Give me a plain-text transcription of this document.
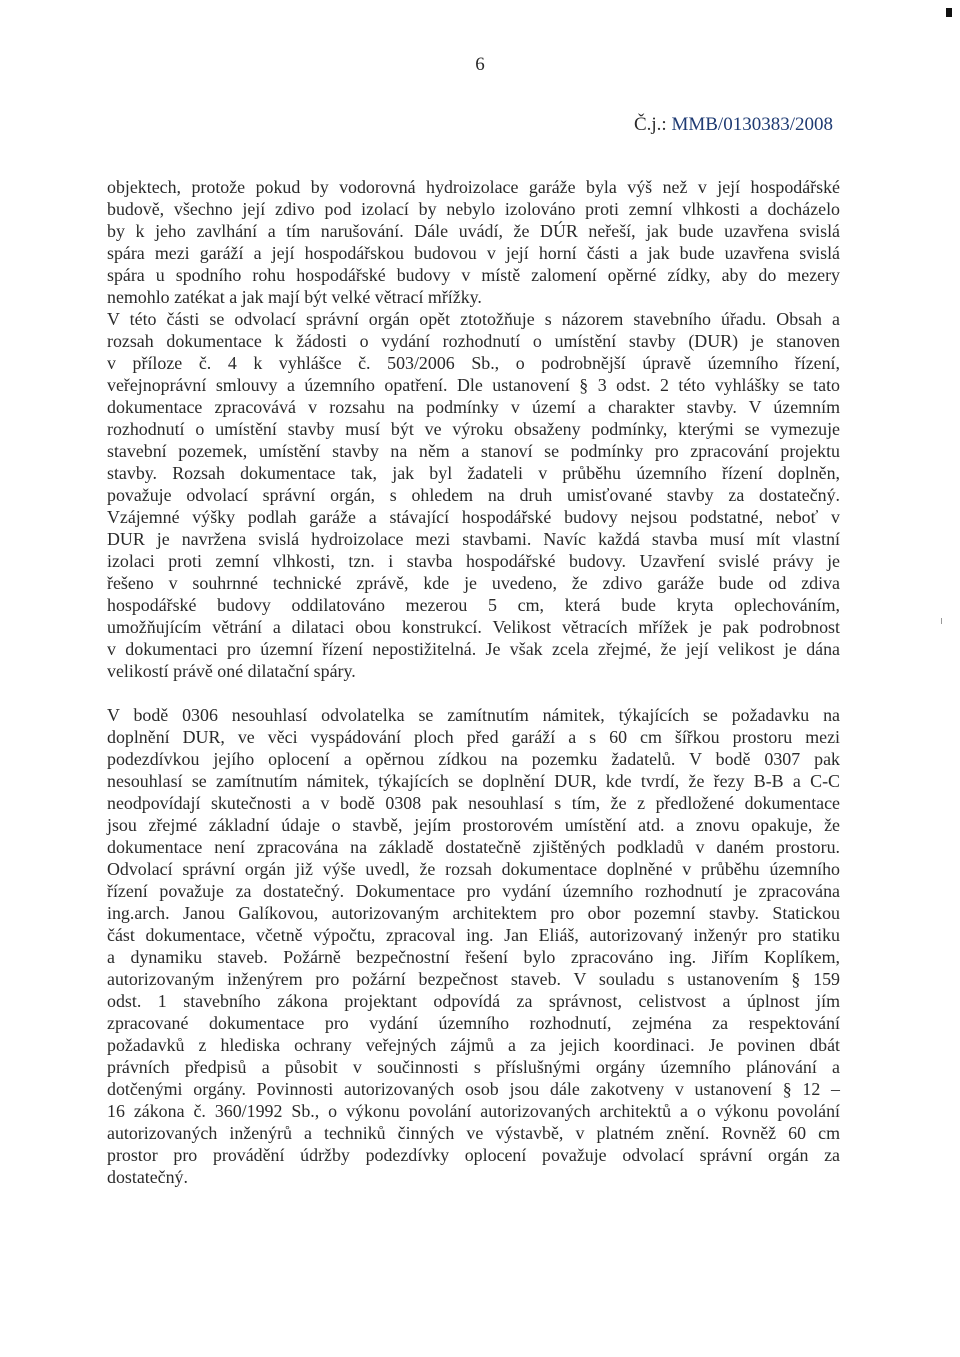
6
Č.j.: MMB/0130383/2008
objektech, protože pokud by vodorovná hydroizolace garáže byla výš než v její hospodářské
budově, všechno její zdivo pod izolací by nebylo izolováno proti zemní vlhkosti a docházelo
by k jeho zavlhání a tím narušování. Dále uvádí, že DÚR neřeší, jak bude uzavřena svislá
spára mezi garáží a její hospodářskou budovou v její horní části a jak bude uzavřena svislá
spára u spodního rohu hospodářské budovy v místě zalomení opěrné zídky, aby do mezery
nemohlo zatékat a jak mají být velké větrací mřížky.
V této části se odvolací správní orgán opět ztotožňuje s názorem stavebního úřadu. Obsah a
rozsah dokumentace k žádosti o vydání rozhodnutí o umístění stavby (DUR) je stanoven
v příloze č. 4 k vyhlášce č. 503/2006 Sb., o podrobnější úpravě územního řízení,
veřejnoprávní smlouvy a územního opatření. Dle ustanovení § 3 odst. 2 této vyhlášky se tato
dokumentace zpracovává v rozsahu na podmínky v území a charakter stavby. V územním
rozhodnutí o umístění stavby musí být ve výroku obsaženy podmínky, kterými se vymezuje
stavební pozemek, umístění stavby na něm a stanoví se podmínky pro zpracování projektu
stavby. Rozsah dokumentace tak, jak byl žadateli v průběhu územního řízení doplněn,
považuje odvolací správní orgán, s ohledem na druh umisťované stavby za dostatečný.
Vzájemné výšky podlah garáže a stávající hospodářské budovy nejsou podstatné, neboť v
DUR je navržena svislá hydroizolace mezi stavbami. Navíc každá stavba musí mít vlastní
izolaci proti zemní vlhkosti, tzn. i stavba hospodářské budovy. Uzavření svislé právy je
řešeno v souhrnné technické zprávě, kde je uvedeno, že zdivo garáže bude od zdiva
hospodářské budovy oddilatováno mezerou 5 cm, která bude kryta oplechováním,
umožňujícím větrání a dilataci obou konstrukcí. Velikost větracích mřížek je pak podrobnost
v dokumentaci pro územní řízení nepostižitelná. Je však zcela zřejmé, že její velikost je dána
velikostí právě oné dilatační spáry.
V bodě 0306 nesouhlasí odvolatelka se zamítnutím námitek, týkajících se požadavku na
doplnění DUR, ve věci vyspádování ploch před garáží a s 60 cm šířkou prostoru mezi
podezdívkou jejího oplocení a opěrnou zídkou na pozemku žadatelů. V bodě 0307 pak
nesouhlasí se zamítnutím námitek, týkajících se doplnění DUR, kde tvrdí, že řezy B-B a C-C
neodpovídají skutečnosti a v bodě 0308 pak nesouhlasí s tím, že z předložené dokumentace
jsou zřejmé základní údaje o stavbě, jejím prostorovém umístění atd. a znovu opakuje, že
dokumentace není zpracována na základě dostatečně zjištěných podkladů v daném prostoru.
Odvolací správní orgán již výše uvedl, že rozsah dokumentace doplněné v průběhu územního
řízení považuje za dostatečný. Dokumentace pro vydání územního rozhodnutí je zpracována
ing.arch. Janou Galíkovou, autorizovaným architektem pro obor pozemní stavby. Statickou
část dokumentace, včetně výpočtu, zpracoval ing. Jan Eliáš, autorizovaný inženýr pro statiku
a dynamiku staveb. Požárně bezpečnostní řešení bylo zpracováno ing. Jiřím Koplíkem,
autorizovaným inženýrem pro požární bezpečnost staveb. V souladu s ustanovením § 159
odst. 1 stavebního zákona projektant odpovídá za správnost, celistvost a úplnost jím
zpracované dokumentace pro vydání územního rozhodnutí, zejména za respektování
požadavků z hlediska ochrany veřejných zájmů a za jejich koordinaci. Je povinen dbát
právních předpisů a působit v součinnosti s příslušnými orgány územního plánování a
dotčenými orgány. Povinnosti autorizovaných osob jsou dále zakotveny v ustanovení § 12 –
16 zákona č. 360/1992 Sb., o výkonu povolání autorizovaných architektů a o výkonu povolání
autorizovaných inženýrů a techniků činných ve výstavbě, v platném znění. Rovněž 60 cm
prostor pro provádění údržby podezdívky oplocení považuje odvolací správní orgán za
dostatečný.
